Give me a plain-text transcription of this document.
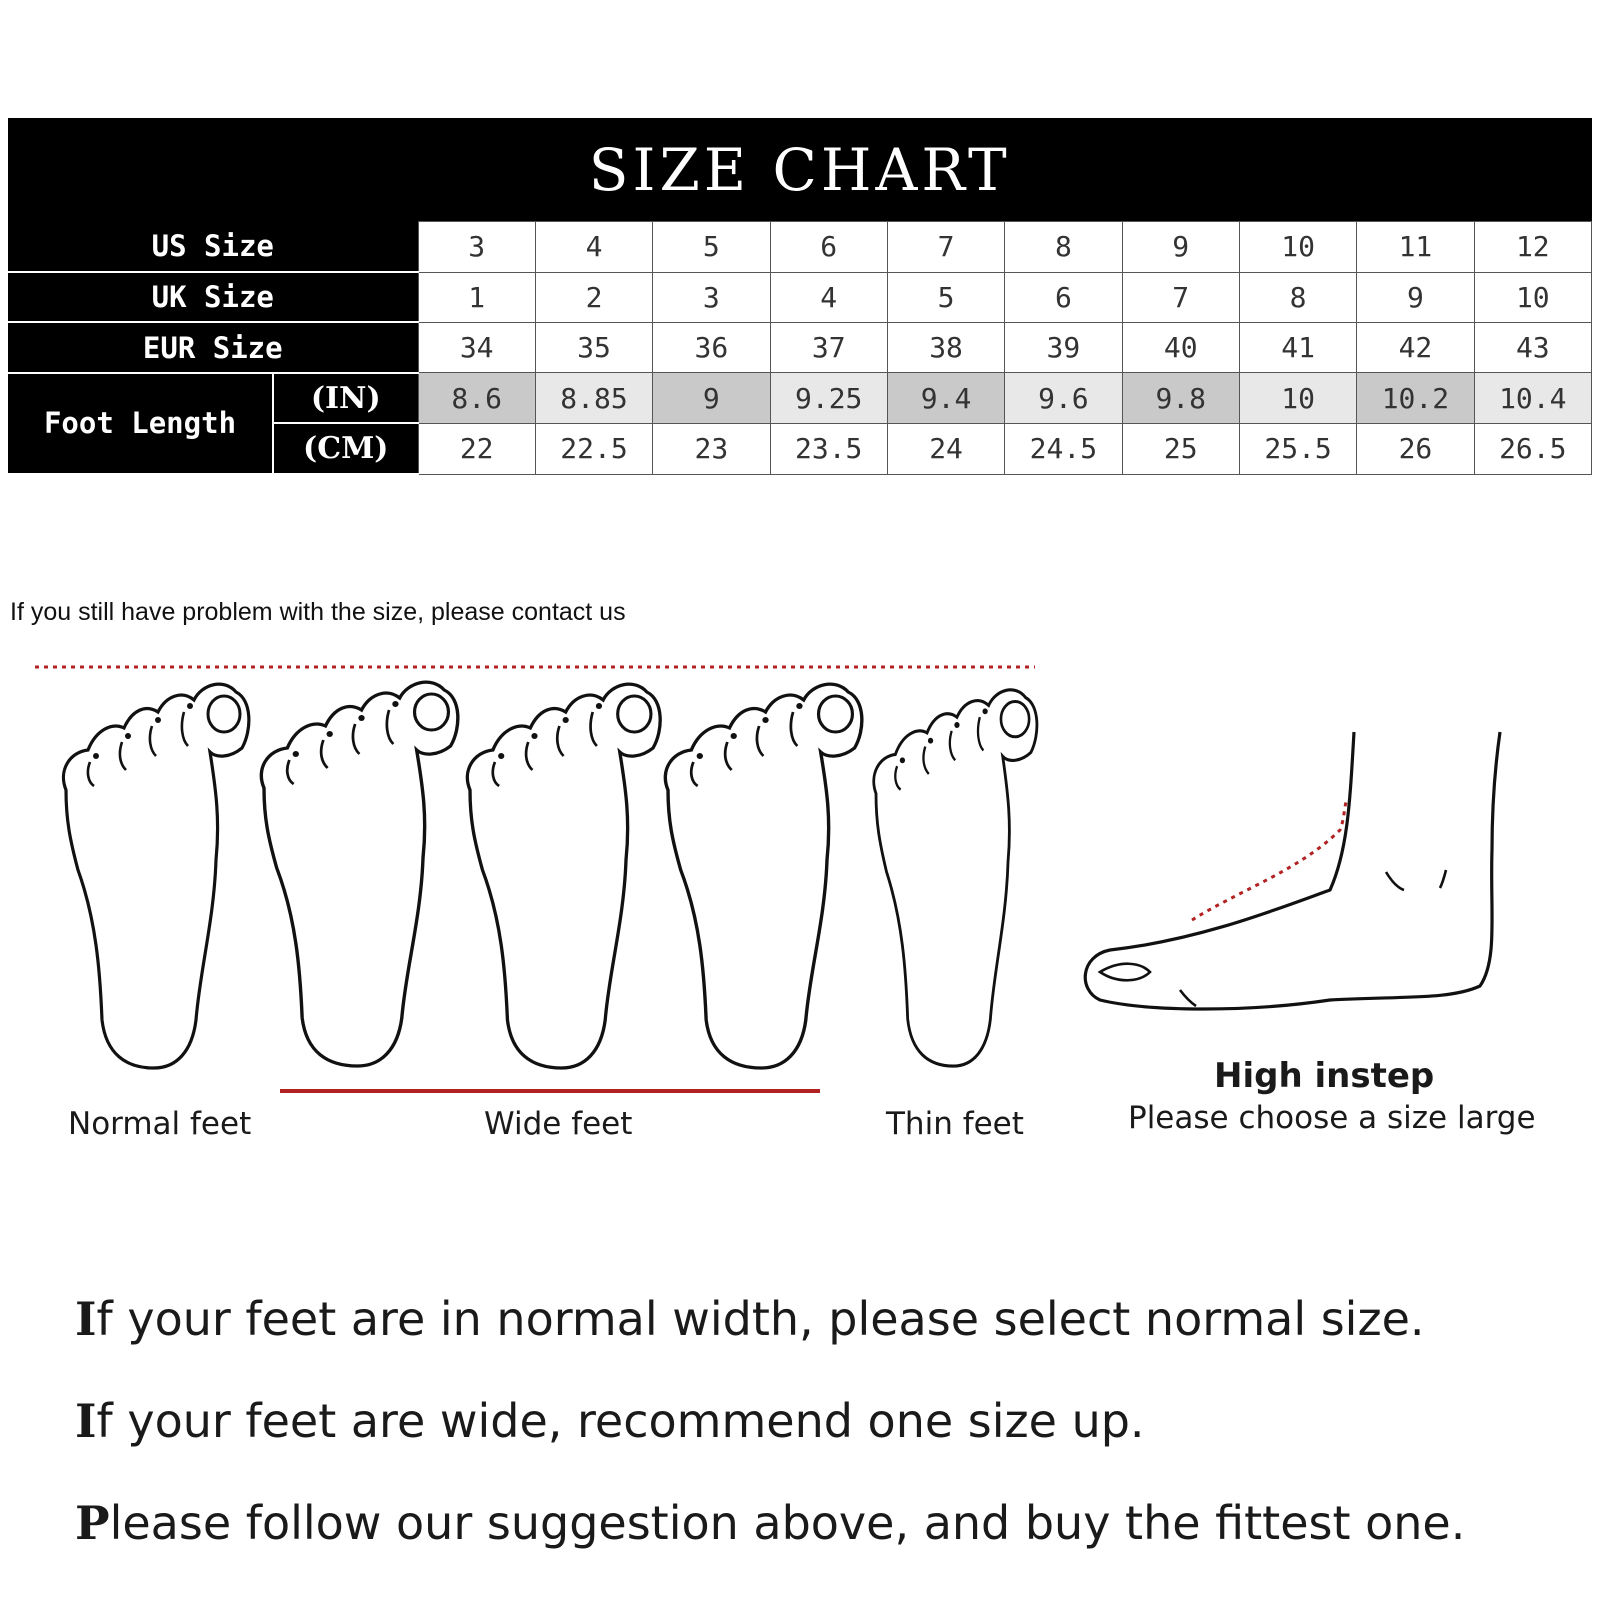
SIZE CHART											
US Size		3	4	5	6	7	8	9	10	11	12
UK Size		1	2	3	4	5	6	7	8	9	10
EUR Size		34	35	36	37	38	39	40	41	42	43
Foot Length	(IN)	8.6	8.85	9	9.25	9.4	9.6	9.8	10	10.2	10.4
	(CM)	22	22.5	23	23.5	24	24.5	25	25.5	26	26.5
If you still have problem with the size, please contact us
Normal feet	Wide feet	Thin feet
High instep
Please choose a size large
If your feet are in normal width, please select normal size.
If your feet are wide, recommend one size up.
Please follow our suggestion above, and buy the fittest one.
